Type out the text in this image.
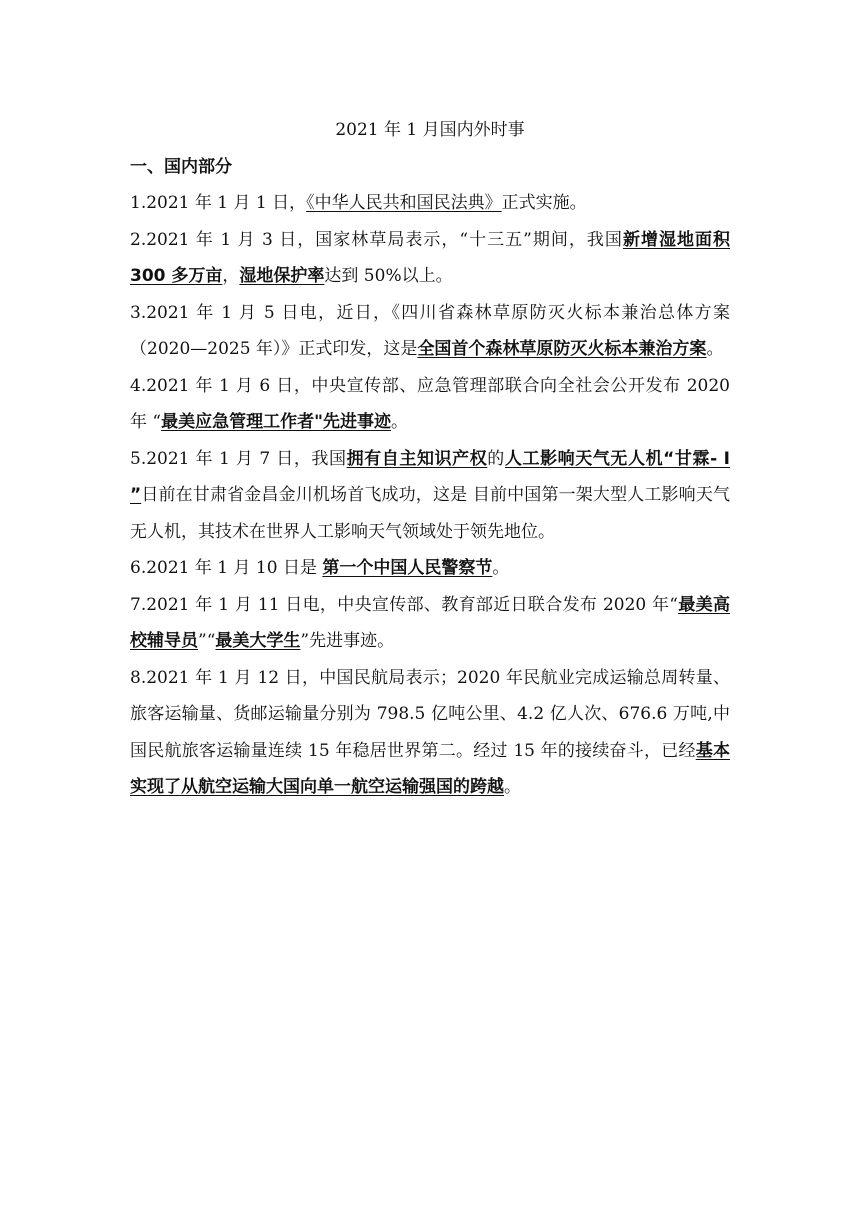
2021 年 1 月国内外时事

一、国内部分

1.2021 年 1 月 1 日，《中华人民共和国民法典》正式实施。

2.2021 年 1 月 3 日，国家林草局表示，“十三五”期间，我国新增湿地面积 300 多万亩，湿地保护率达到 50%以上。

3.2021 年 1 月 5 日电，近日，《四川省森林草原防灭火标本兼治总体方案（2020—2025 年）》正式印发，这是全国首个森林草原防灭火标本兼治方案。

4.2021 年 1 月 6 日，中央宣传部、应急管理部联合向全社会公开发布 2020 年 “最美应急管理工作者"先进事迹。

5.2021 年 1 月 7 日，我国拥有自主知识产权的人工影响天气无人机“甘霖- Ⅰ ”日前在甘肃省金昌金川机场首飞成功，这是 目前中国第一架大型人工影响天气无人机，其技术在世界人工影响天气领域处于领先地位。

6.2021 年 1 月 10 日是 第一个中国人民警察节。

7.2021 年 1 月 11 日电，中央宣传部、教育部近日联合发布 2020 年“最美高校辅导员”“最美大学生”先进事迹。

8.2021 年 1 月 12 日，中国民航局表示；2020 年民航业完成运输总周转量、旅客运输量、货邮运输量分别为 798.5 亿吨公里、4.2 亿人次、676.6 万吨,中国民航旅客运输量连续 15 年稳居世界第二。经过 15 年的接续奋斗，已经基本实现了从航空运输大国向单一航空运输强国的跨越。
